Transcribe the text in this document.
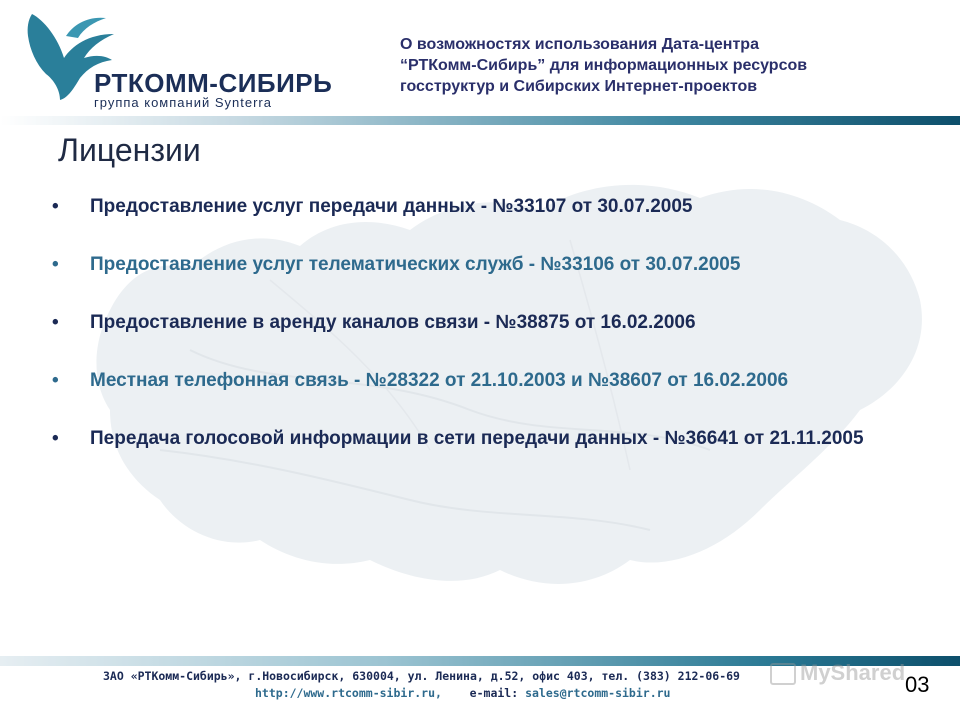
РТКОММ-СИБИРЬ
группа компаний Synterra
О возможностях использования Дата-центра
“РТКомм-Сибирь” для информационных ресурсов
госструктур и Сибирских Интернет-проектов
Лицензии
• Предоставление услуг передачи данных - №33107 от 30.07.2005
• Предоставление услуг телематических служб - №33106 от 30.07.2005
• Предоставление в аренду каналов связи - №38875 от 16.02.2006
• Местная телефонная связь - №28322 от 21.10.2003 и №38607 от 16.02.2006
• Передача голосовой информации в сети передачи данных - №36641 от 21.11.2005
ЗАО «РТКомм-Сибирь», г.Новосибирск, 630004, ул. Ленина, д.52, офис 403, тел. (383) 212-06-69
http://www.rtcomm-sibir.ru, e-mail: sales@rtcomm-sibir.ru
MyShared 03
